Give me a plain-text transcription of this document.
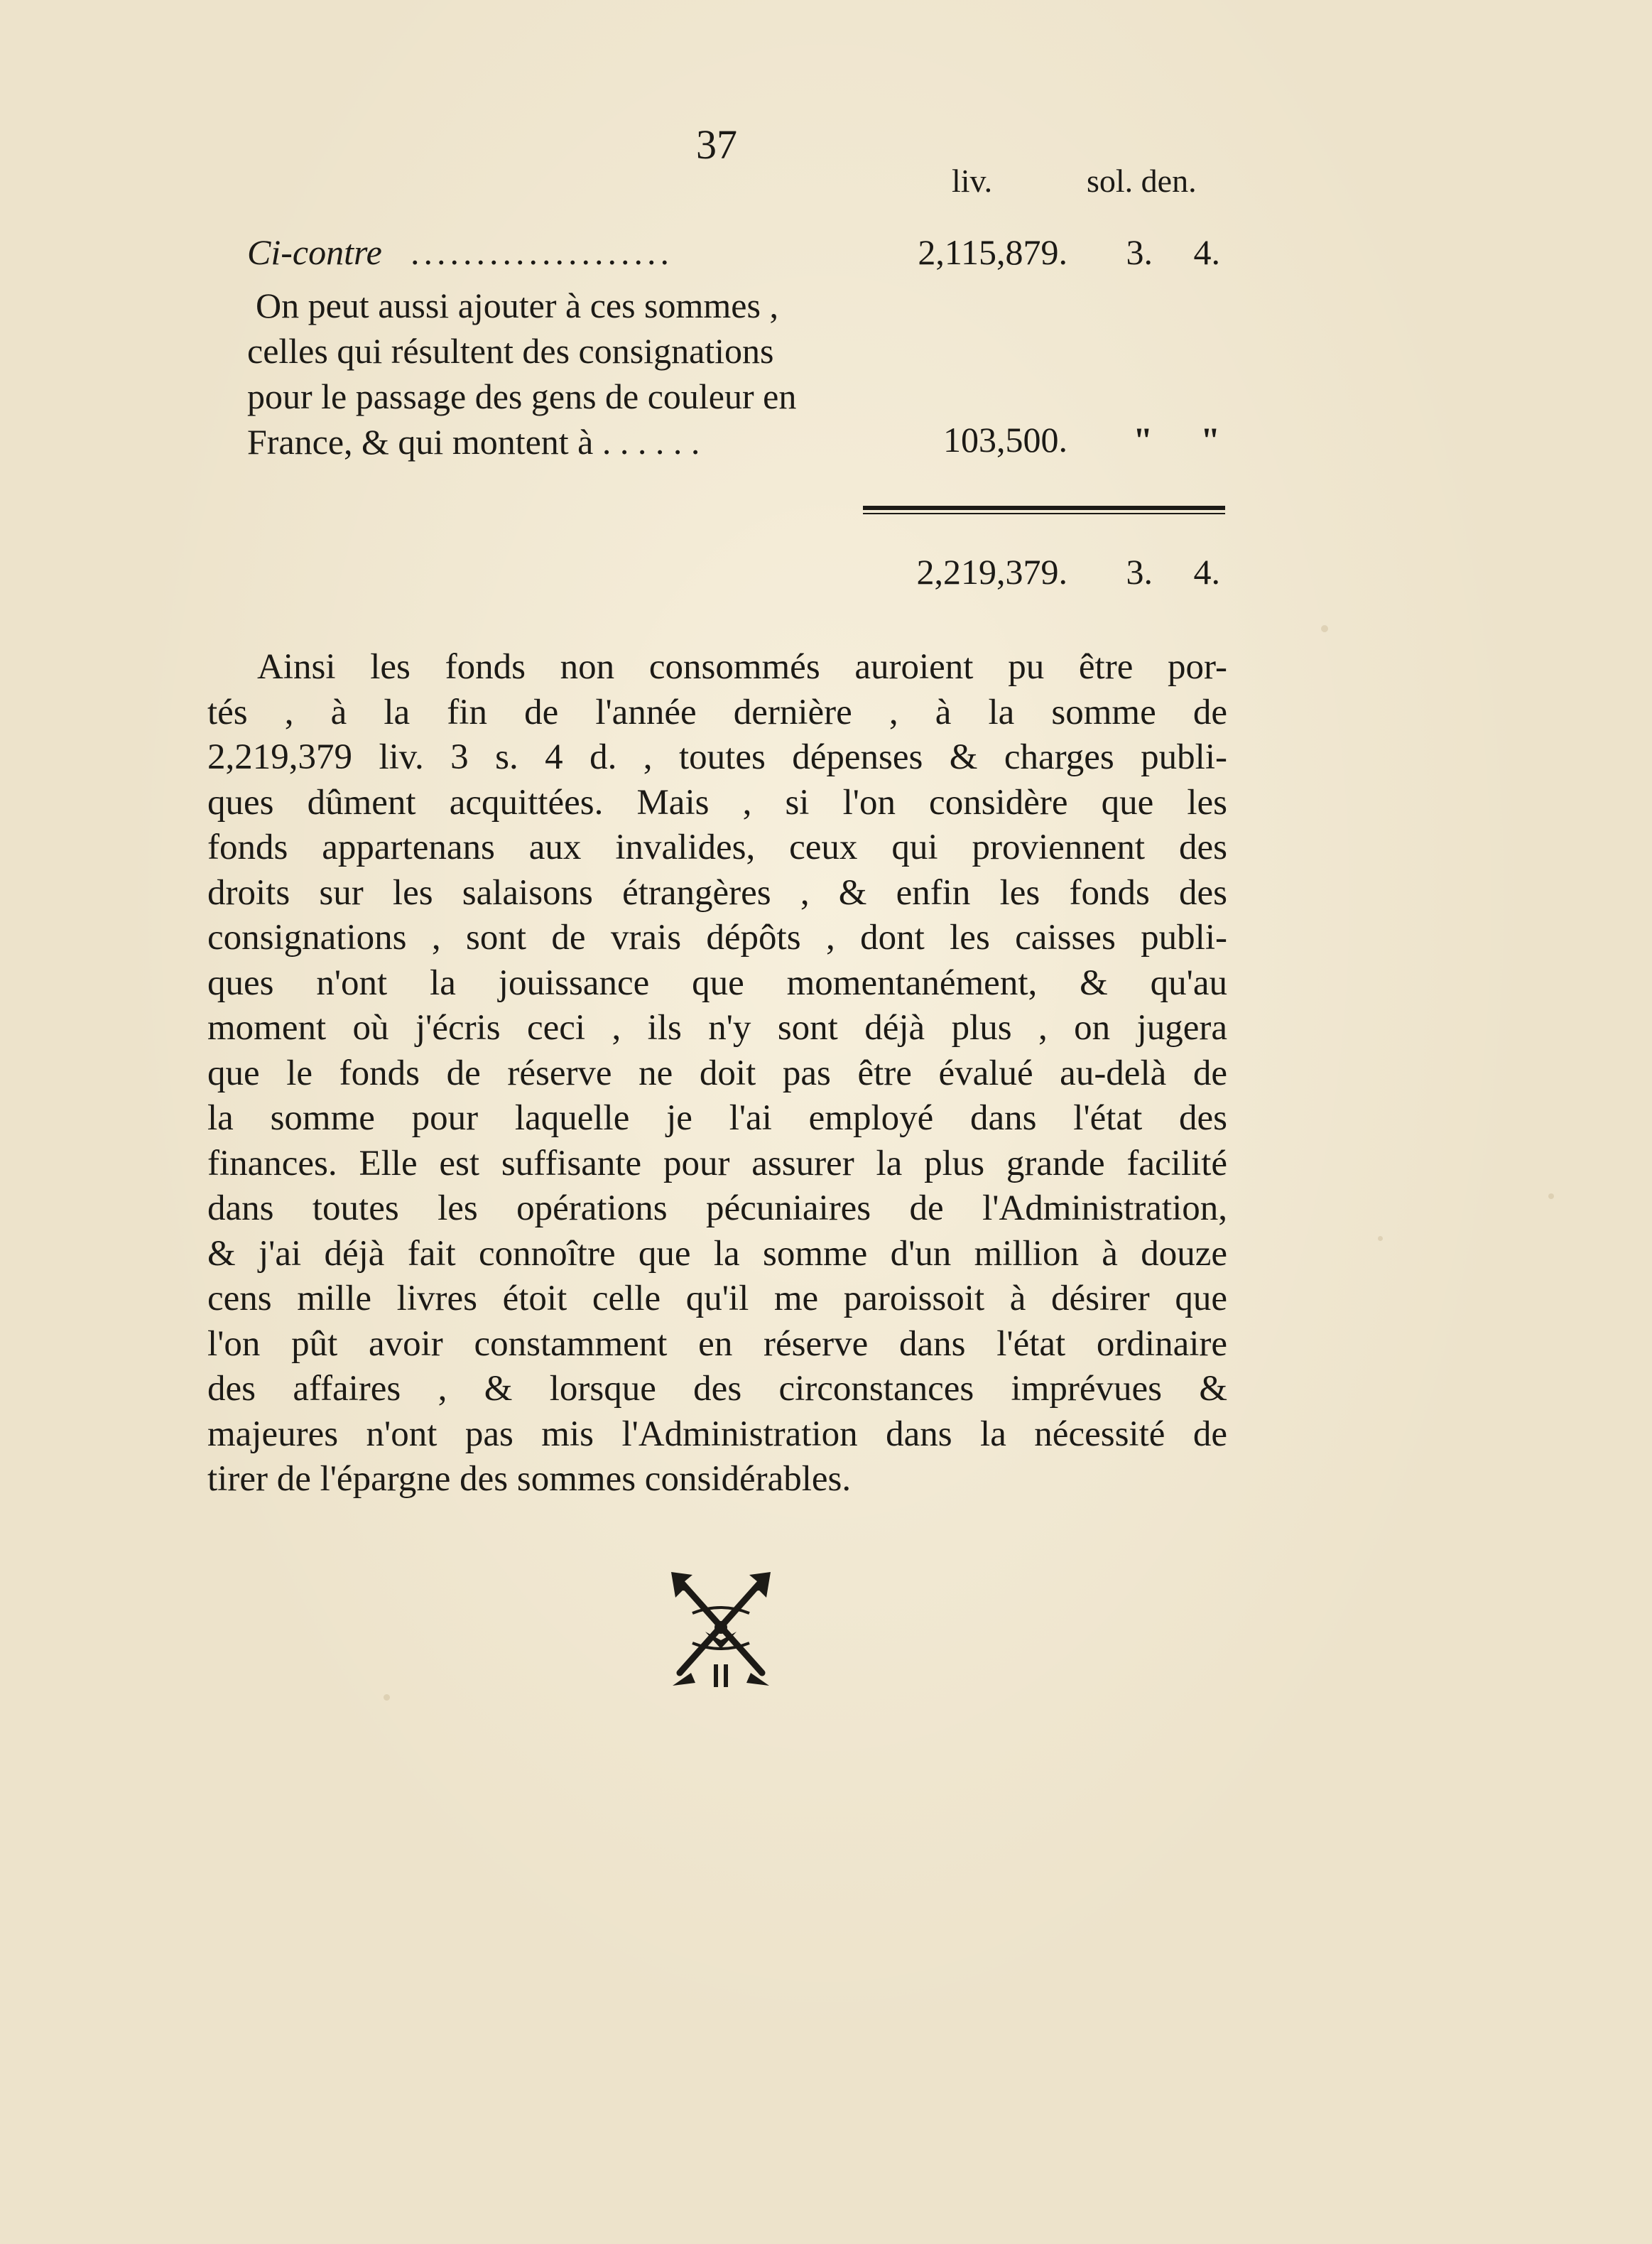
37
liv.	sol. den.
Ci-contre ....................	2,115,879. 3. 4.
On peut aussi ajouter à ces sommes ,
celles qui résultent des consignations
pour le passage des gens de couleur en
France, & qui montent à . . . . . .	103,500. " "
2,219,379. 3. 4.
Ainsi les fonds non consommés auroient pu être por-
tés , à la fin de l'année dernière , à la somme de
2,219,379 liv. 3 s. 4 d. , toutes dépenses & charges publi-
ques dûment acquittées. Mais , si l'on considère que les
fonds appartenans aux invalides, ceux qui proviennent des
droits sur les salaisons étrangères , & enfin les fonds des
consignations , sont de vrais dépôts , dont les caisses publi-
ques n'ont la jouissance que momentanément, & qu'au
moment où j'écris ceci , ils n'y sont déjà plus , on jugera
que le fonds de réserve ne doit pas être évalué au-delà de
la somme pour laquelle je l'ai employé dans l'état des
finances. Elle est suffisante pour assurer la plus grande facilité
dans toutes les opérations pécuniaires de l'Administration,
& j'ai déjà fait connoître que la somme d'un million à douze
cens mille livres étoit celle qu'il me paroissoit à désirer que
l'on pût avoir constamment en réserve dans l'état ordinaire
des affaires , & lorsque des circonstances imprévues &
majeures n'ont pas mis l'Administration dans la nécessité de
tirer de l'épargne des sommes considérables.
